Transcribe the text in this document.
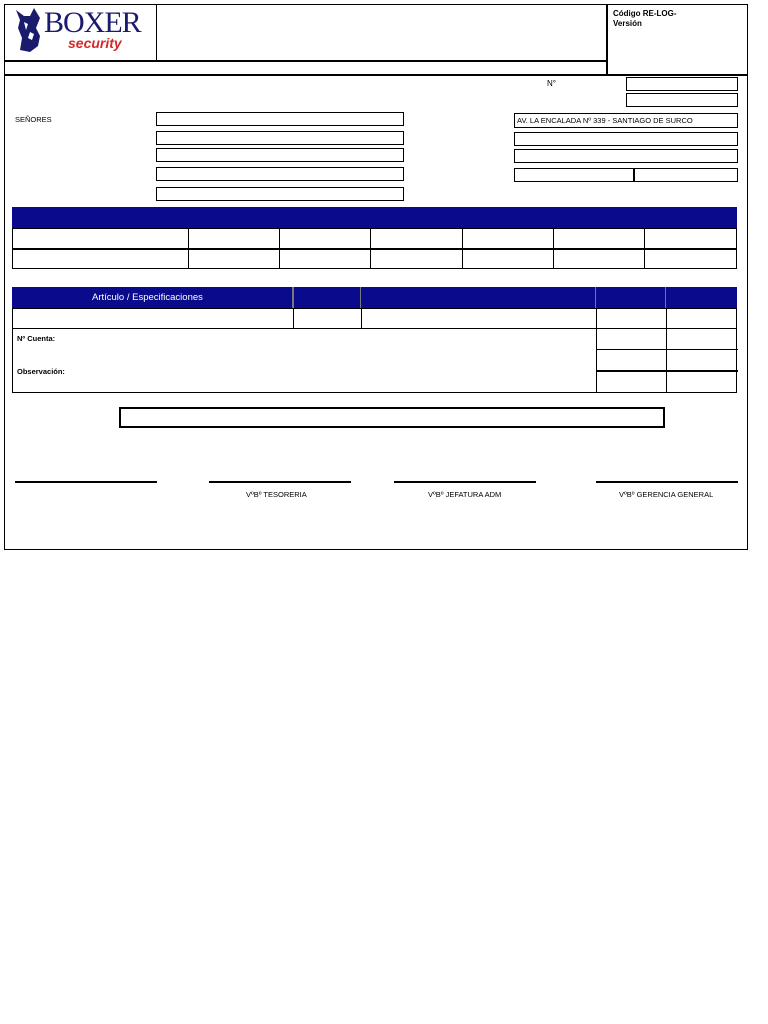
BOXER
security
Código RE-LOG-
Versión
N°
SEÑORES	AV. LA ENCALADA Nº 339 - SANTIAGO DE SURCO
Artículo / Especificaciones
Nº Cuenta:
Observación:
VºBº TESORERIA	VºBº JEFATURA ADM	VºBº GERENCIA GENERAL
